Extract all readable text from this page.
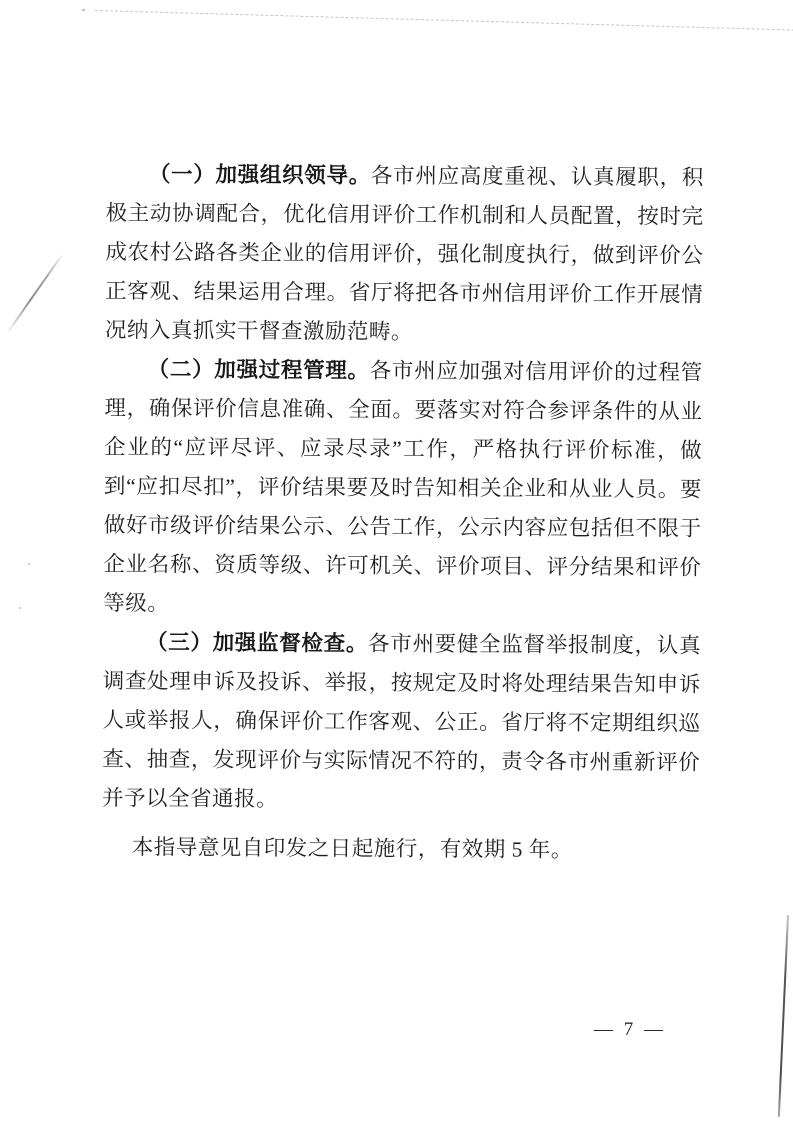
（一）加强组织领导。各市州应高度重视、认真履职，积
极主动协调配合，优化信用评价工作机制和人员配置，按时完
成农村公路各类企业的信用评价，强化制度执行，做到评价公
正客观、结果运用合理。省厅将把各市州信用评价工作开展情
况纳入真抓实干督查激励范畴。
（二）加强过程管理。各市州应加强对信用评价的过程管
理，确保评价信息准确、全面。要落实对符合参评条件的从业
企业的“应评尽评、应录尽录”工作，严格执行评价标准，做
到“应扣尽扣”，评价结果要及时告知相关企业和从业人员。要
做好市级评价结果公示、公告工作，公示内容应包括但不限于
企业名称、资质等级、许可机关、评价项目、评分结果和评价
等级。
（三）加强监督检查。各市州要健全监督举报制度，认真
调查处理申诉及投诉、举报，按规定及时将处理结果告知申诉
人或举报人，确保评价工作客观、公正。省厅将不定期组织巡
查、抽查，发现评价与实际情况不符的，责令各市州重新评价
并予以全省通报。
本指导意见自印发之日起施行，有效期 5 年。
— 7 —
